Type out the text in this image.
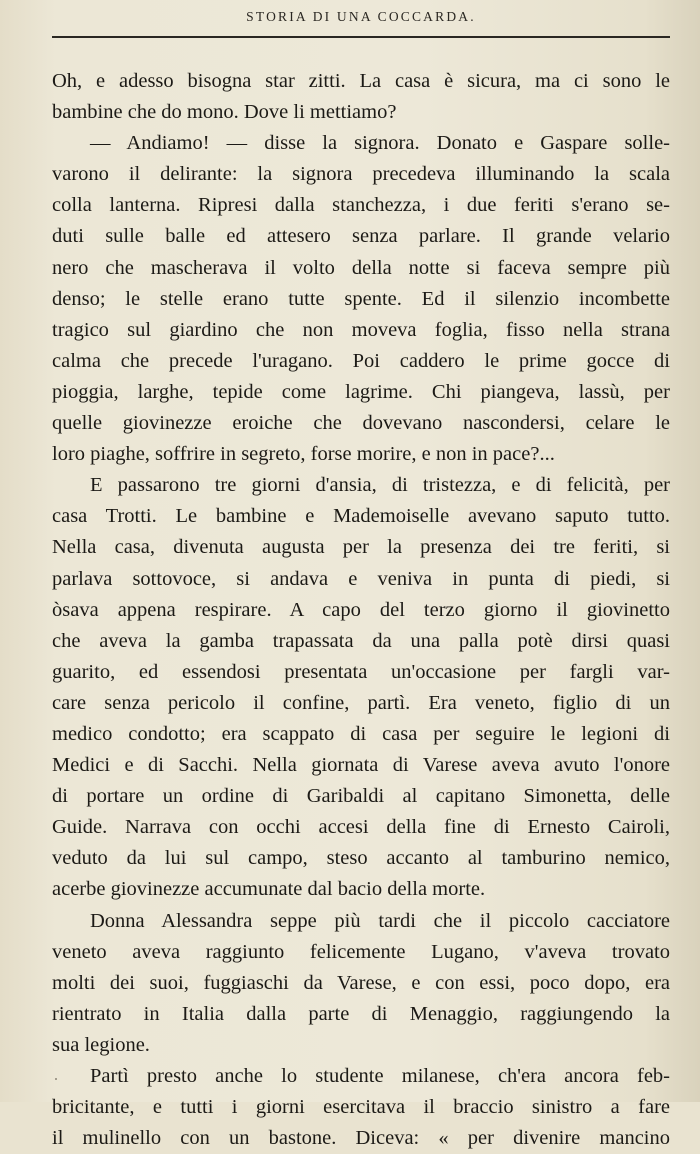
STORIA DI UNA COCCARDA.
Oh, e adesso bisogna star zitti. La casa è sicura, ma ci sono le
bambine che do mono. Dove li mettiamo?
— Andiamo! — disse la signora. Donato e Gaspare solle-
varono il delirante: la signora precedeva illuminando la scala
colla lanterna. Ripresi dalla stanchezza, i due feriti s'erano se-
duti sulle balle ed attesero senza parlare. Il grande velario
nero che mascherava il volto della notte si faceva sempre più
denso; le stelle erano tutte spente. Ed il silenzio incombette
tragico sul giardino che non moveva foglia, fisso nella strana
calma che precede l'uragano. Poi caddero le prime gocce di
pioggia, larghe, tepide come lagrime. Chi piangeva, lassù, per
quelle giovinezze eroiche che dovevano nascondersi, celare le
loro piaghe, soffrire in segreto, forse morire, e non in pace?...
E passarono tre giorni d'ansia, di tristezza, e di felicità, per
casa Trotti. Le bambine e Mademoiselle avevano saputo tutto.
Nella casa, divenuta augusta per la presenza dei tre feriti, si
parlava sottovoce, si andava e veniva in punta di piedi, si
òsava appena respirare. A capo del terzo giorno il giovinetto
che aveva la gamba trapassata da una palla potè dirsi quasi
guarito, ed essendosi presentata un'occasione per fargli var-
care senza pericolo il confine, partì. Era veneto, figlio di un
medico condotto; era scappato di casa per seguire le legioni di
Medici e di Sacchi. Nella giornata di Varese aveva avuto l'onore
di portare un ordine di Garibaldi al capitano Simonetta, delle
Guide. Narrava con occhi accesi della fine di Ernesto Cairoli,
veduto da lui sul campo, steso accanto al tamburino nemico,
acerbe giovinezze accumunate dal bacio della morte.
Donna Alessandra seppe più tardi che il piccolo cacciatore
veneto aveva raggiunto felicemente Lugano, v'aveva trovato
molti dei suoi, fuggiaschi da Varese, e con essi, poco dopo, era
rientrato in Italia dalla parte di Menaggio, raggiungendo la
sua legione.
Partì presto anche lo studente milanese, ch'era ancora feb-
bricitante, e tutti i giorni esercitava il braccio sinistro a fare
il mulinello con un bastone. Diceva: « per divenire mancino
